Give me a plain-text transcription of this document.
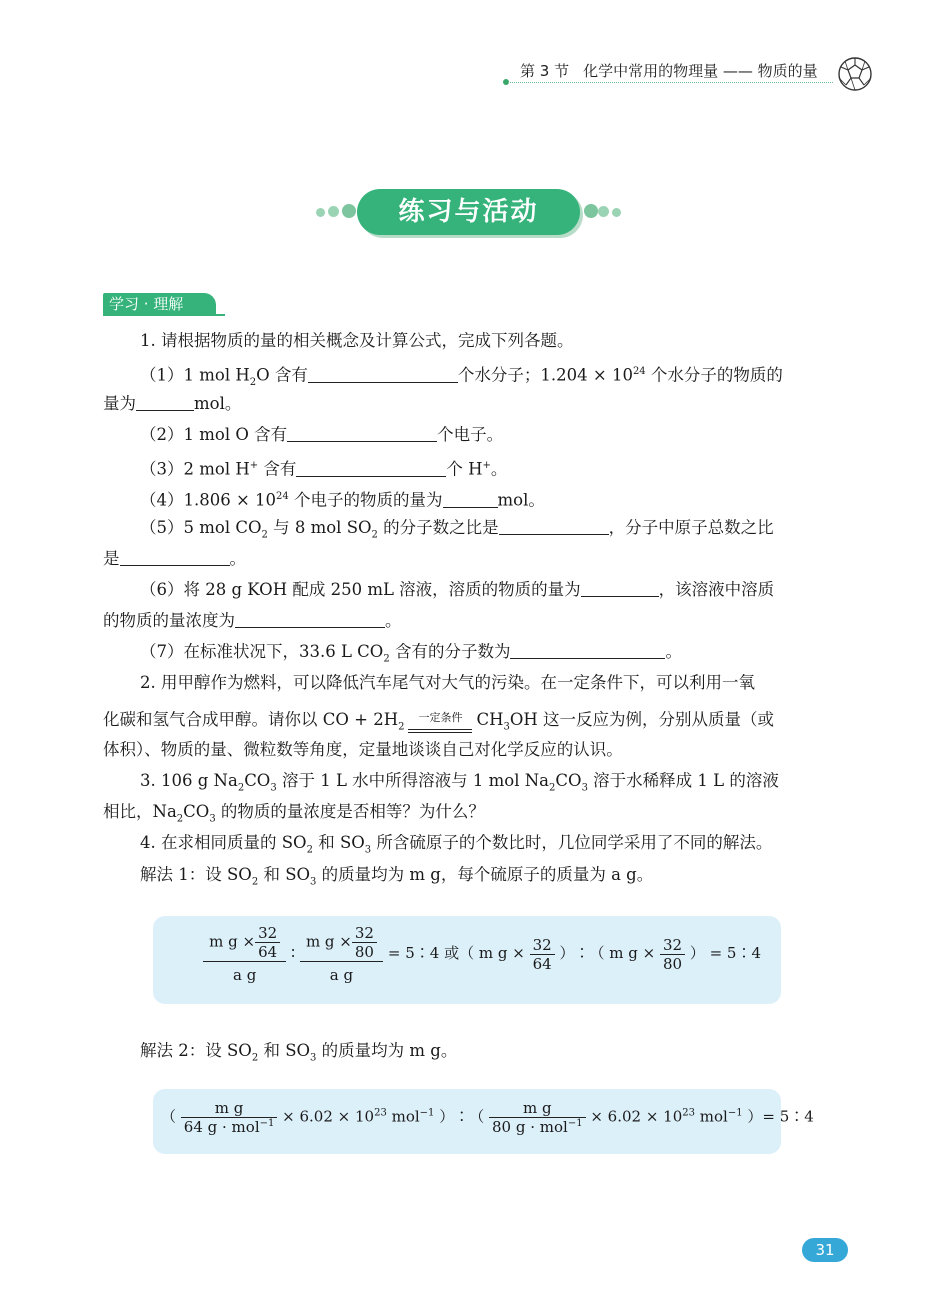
第 3 节 化学中常用的物理量 —— 物质的量
练习与活动
学习 · 理解
1. 请根据物质的量的相关概念及计算公式，完成下列各题。
（1）1 mol $H_2O$ 含有	个水分子；$1.204 \times 10^{24}$ 个水分子的物质的
量为	mol。
（2）1 mol O 含有	个电子。
（3）2 mol H+ 含有	个 H+。
$(4)1.806 \times 10^{24}$ 个电子的物质的量为	mol。
（5）5 mol $CO_2$ 与 8 mol $SO_2$ 的分子数之比是	，分子中原子总数之比
是	。
（6）将 28 g KOH 配成 250 mL 溶液，溶质的物质的量为	，该溶液中溶质
的物质的量浓度为	。
（7）在标准状况下，33.6 L $CO_2$ 含有的分子数为	。
2. 用甲醇作为燃料，可以降低汽车尾气对大气的污染。在一定条件下，可以利用一氧
化碳和氢气合成甲醇。请你以 CO + $2H_2$
一定条件 $CH_3OH$ 这一反应为例，分别从质量（或
体积）、物质的量、微粒数等角度，定量地谈谈自己对化学反应的认识。
3. 106 g $Na_2CO_3$ 溶于 1 L 水中所得溶液与 1 mol $Na_2CO_3$ 溶于水稀释成 1 L 的溶液
相比，$Na_2CO_3$ 的物质的量浓度是否相等？为什么？
4. 在求相同质量的 $SO_2$ 和 $SO_3$ 所含硫原子的个数比时，几位同学采用了不同的解法。
解法 1：设 $SO_2$ 和 $SO_3$ 的质量均为 m g，每个硫原子的质量为 a g。
$\frac{m g \times \frac{32}{64}}{\text{a g}}$ ∶ $\frac{m g \times \frac{32}{80}}{\text{a g}}$ = 5∶4 或（ m $g \times \frac{32}{64}$ ）∶（ m $g \times \frac{32}{80}$ ） = 5∶4
解法 2：设 $SO_2$ 和 $SO_3$ 的质量均为 m g。
（ $\frac{\text{m g}}{64 g \cdot mol^{-1}} \times 6.02 \times 10^{23}$ mol$^{-1}$ ）∶（ $\frac{\text{m g}}{80 g \cdot mol^{-1}} \times 6.02 \times 10^{23}$ mol$^{-1}$ ）= 5∶4
31
